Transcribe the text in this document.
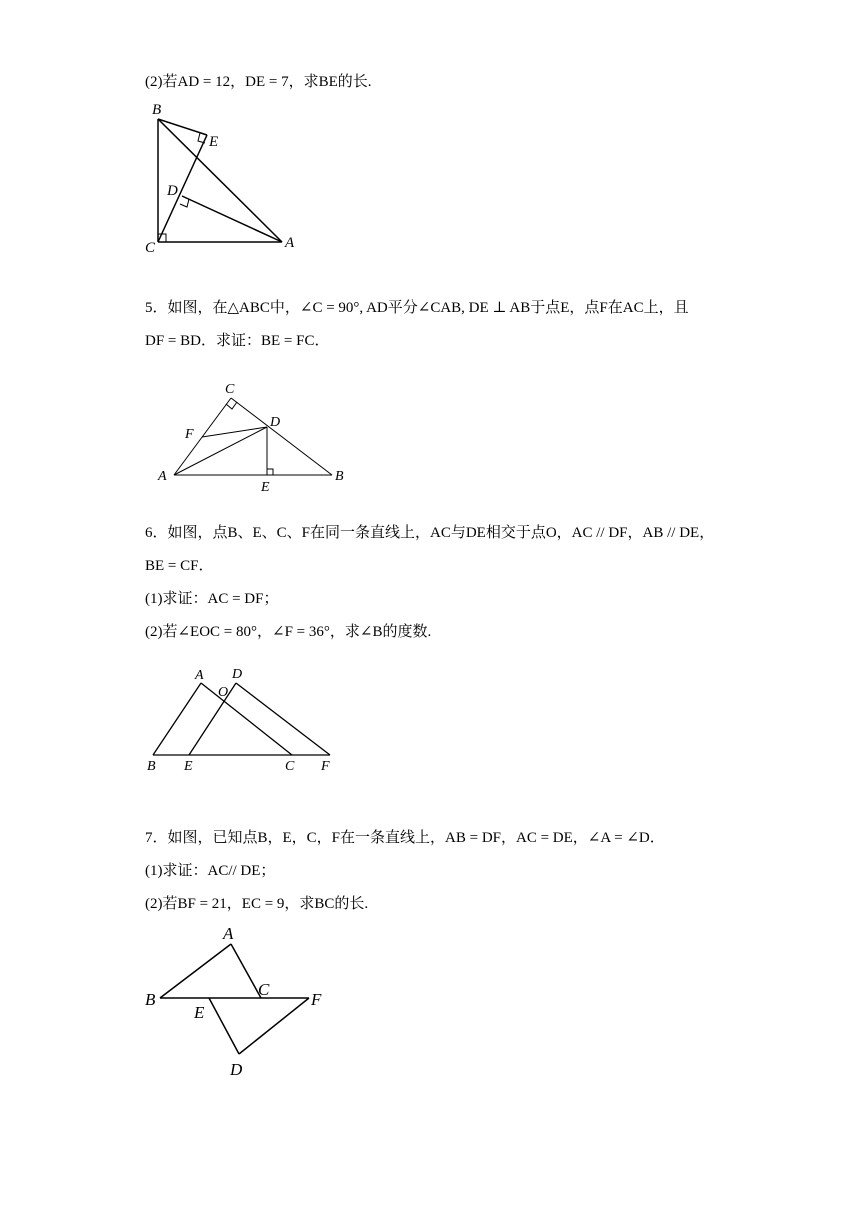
(2)若AD = 12，DE = 7，求BE的长.
B
E
D
C	A
5．如图，在△ABC中，∠C = 90°, AD平分∠CAB, DE ⊥ AB于点E，点F在AC上，且
DF = BD．求证：BE = FC．
C
D
F
A
E
B
6．如图，点B、E、C、F在同一条直线上，AC与DE相交于点O，AC // DF，AB // DE，
BE = CF．
(1)求证：AC = DF；
(2)若∠EOC = 80°，∠F = 36°，求∠B的度数.
A D
O
B E	C F
7．如图，已知点B，E，C，F在一条直线上，AB = DF，AC = DE，∠A = ∠D．
(1)求证：AC// DE；
(2)若BF = 21，EC = 9，求BC的长.
A
B
E
C
F
D
